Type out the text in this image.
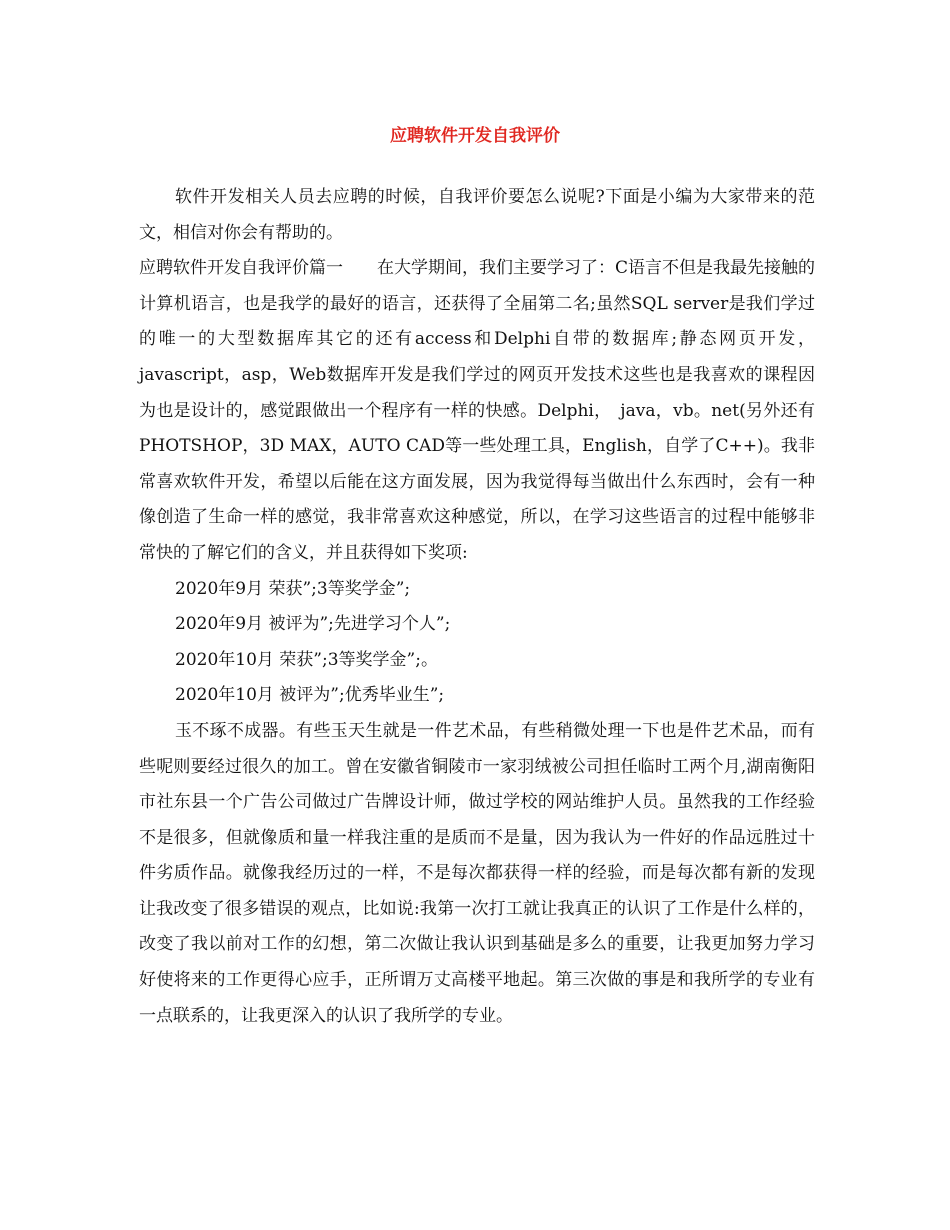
应聘软件开发自我评价

软件开发相关人员去应聘的时候，自我评价要怎么说呢?下面是小编为大家带来的范文，相信对你会有帮助的。

应聘软件开发自我评价篇一　　在大学期间，我们主要学习了：C语言不但是我最先接触的计算机语言，也是我学的最好的语言，还获得了全届第二名;虽然SQL server是我们学过的唯一的大型数据库其它的还有access和Delphi自带的数据库;静态网页开发，javascript，asp，Web数据库开发是我们学过的网页开发技术这些也是我喜欢的课程因为也是设计的，感觉跟做出一个程序有一样的快感。Delphi，　java，vb。net(另外还有PHOTSHOP，3D MAX，AUTO CAD等一些处理工具，English，自学了C++)。我非常喜欢软件开发，希望以后能在这方面发展，因为我觉得每当做出什么东西时，会有一种像创造了生命一样的感觉，我非常喜欢这种感觉，所以，在学习这些语言的过程中能够非常快的了解它们的含义，并且获得如下奖项:

2020年9月 荣获”;3等奖学金”;

2020年9月 被评为”;先进学习个人”;

2020年10月 荣获”;3等奖学金”;。

2020年10月 被评为”;优秀毕业生”;

玉不琢不成器。有些玉天生就是一件艺术品，有些稍微处理一下也是件艺术品，而有些呢则要经过很久的加工。曾在安徽省铜陵市一家羽绒被公司担任临时工两个月,湖南衡阳市社东县一个广告公司做过广告牌设计师，做过学校的网站维护人员。虽然我的工作经验不是很多，但就像质和量一样我注重的是质而不是量，因为我认为一件好的作品远胜过十件劣质作品。就像我经历过的一样，不是每次都获得一样的经验，而是每次都有新的发现让我改变了很多错误的观点，比如说:我第一次打工就让我真正的认识了工作是什么样的，改变了我以前对工作的幻想，第二次做让我认识到基础是多么的重要，让我更加努力学习好使将来的工作更得心应手，正所谓万丈高楼平地起。第三次做的事是和我所学的专业有一点联系的，让我更深入的认识了我所学的专业。
